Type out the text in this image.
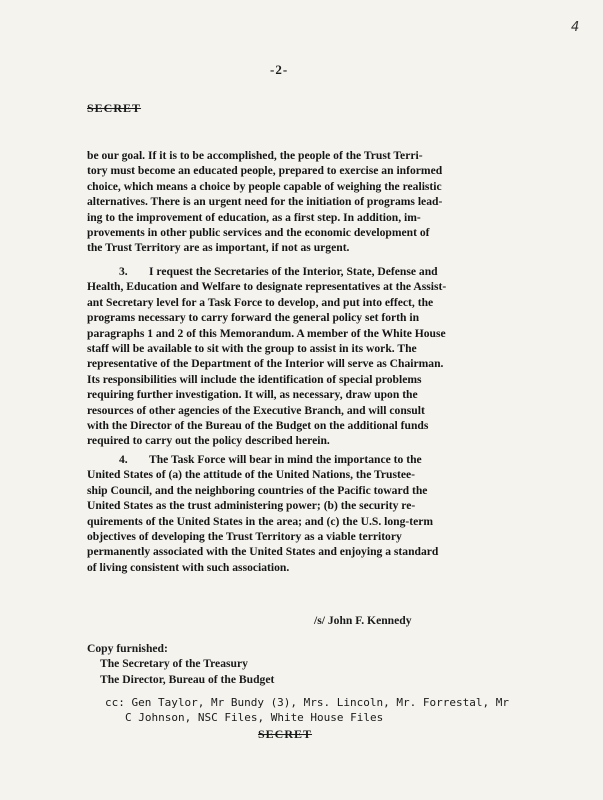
4
-2-
SECRET
be our goal. If it is to be accomplished, the people of the Trust Terri-
tory must become an educated people, prepared to exercise an informed
choice, which means a choice by people capable of weighing the realistic
alternatives. There is an urgent need for the initiation of programs lead-
ing to the improvement of education, as a first step. In addition, im-
provements in other public services and the economic development of
the Trust Territory are as important, if not as urgent.
3. I request the Secretaries of the Interior, State, Defense and
Health, Education and Welfare to designate representatives at the Assist-
ant Secretary level for a Task Force to develop, and put into effect, the
programs necessary to carry forward the general policy set forth in
paragraphs 1 and 2 of this Memorandum. A member of the White House
staff will be available to sit with the group to assist in its work. The
representative of the Department of the Interior will serve as Chairman.
Its responsibilities will include the identification of special problems
requiring further investigation. It will, as necessary, draw upon the
resources of other agencies of the Executive Branch, and will consult
with the Director of the Bureau of the Budget on the additional funds
required to carry out the policy described herein.
4. The Task Force will bear in mind the importance to the
United States of (a) the attitude of the United Nations, the Trustee-
ship Council, and the neighboring countries of the Pacific toward the
United States as the trust administering power; (b) the security re-
quirements of the United States in the area; and (c) the U.S. long-term
objectives of developing the Trust Territory as a viable territory
permanently associated with the United States and enjoying a standard
of living consistent with such association.
/s/ John F. Kennedy
Copy furnished:
The Secretary of the Treasury
The Director, Bureau of the Budget
cc: Gen Taylor, Mr Bundy (3), Mrs. Lincoln, Mr. Forrestal, Mr
C Johnson, NSC Files, White House Files
SECRET
